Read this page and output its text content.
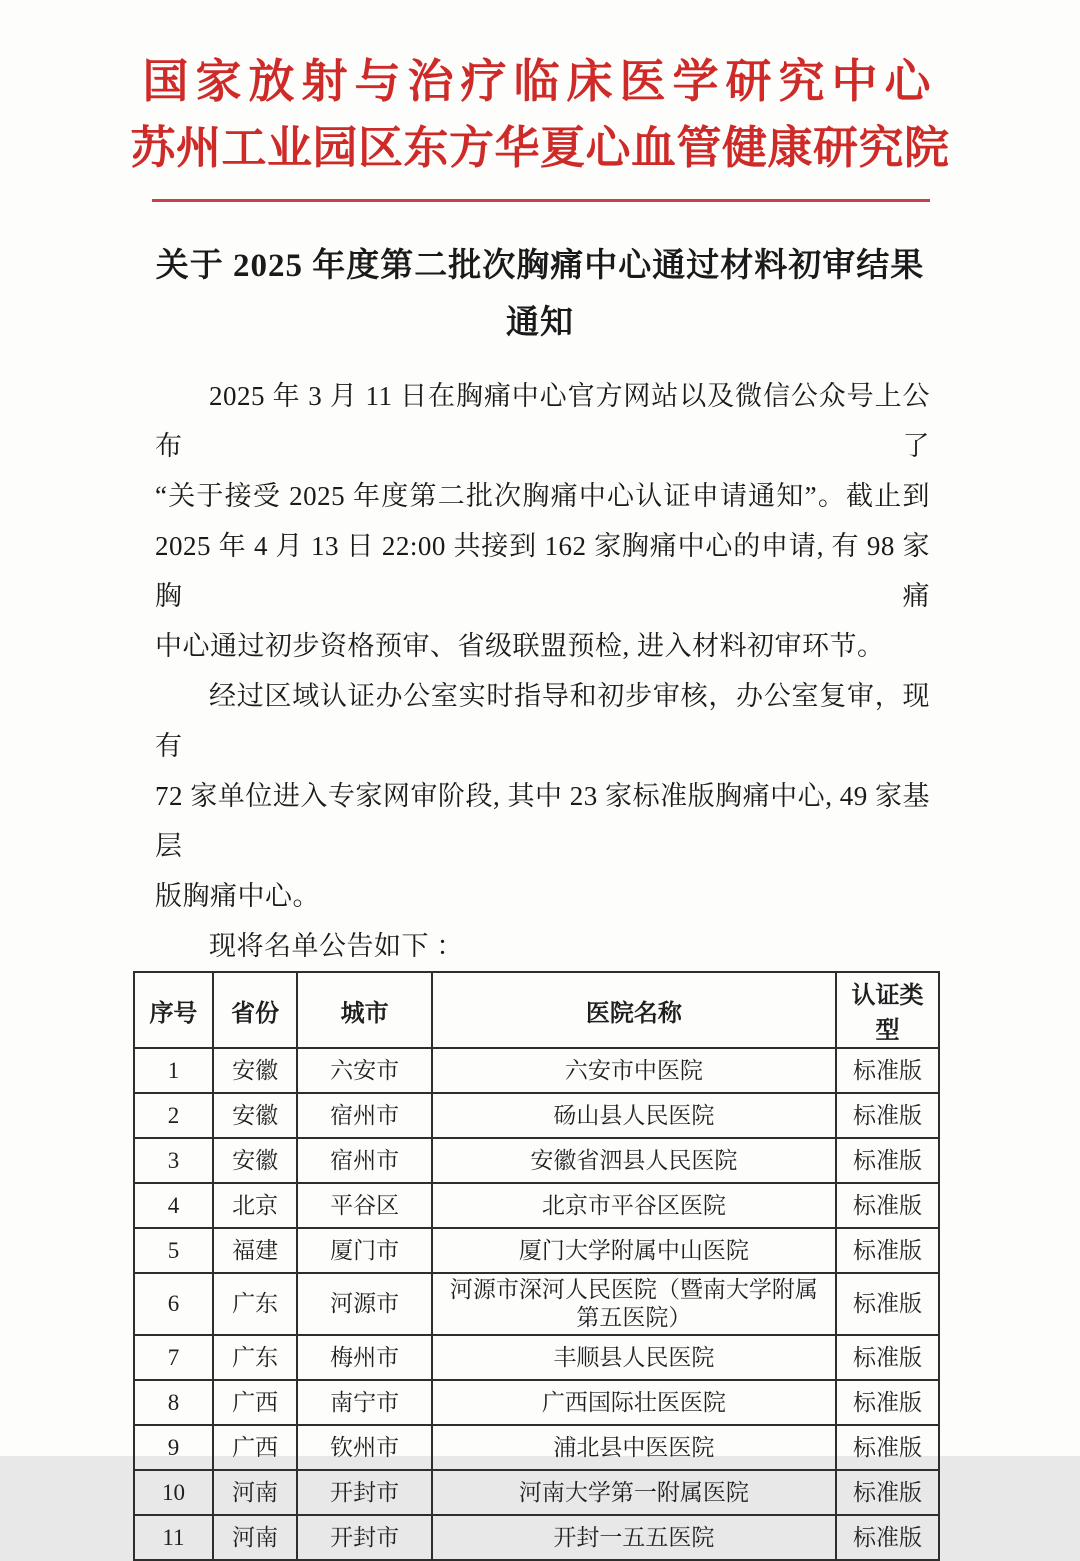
国家放射与治疗临床医学研究中心
苏州工业园区东方华夏心血管健康研究院
关于 2025 年度第二批次胸痛中心通过材料初审结果
通知
2025 年 3 月 11 日在胸痛中心官方网站以及微信公众号上公布了
“关于接受 2025 年度第二批次胸痛中心认证申请通知”。截止到
2025 年 4 月 13 日 22:00 共接到 162 家胸痛中心的申请, 有 98 家胸痛
中心通过初步资格预审、省级联盟预检, 进入材料初审环节。
经过区域认证办公室实时指导和初步审核，办公室复审，现有
72 家单位进入专家网审阶段, 其中 23 家标准版胸痛中心, 49 家基层
版胸痛中心。
现将名单公告如下 ：
序号	省份	城市	医院名称	认证类型
1	安徽	六安市	六安市中医院	标准版
2	安徽	宿州市	砀山县人民医院	标准版
3	安徽	宿州市	安徽省泗县人民医院	标准版
4	北京	平谷区	北京市平谷区医院	标准版
5	福建	厦门市	厦门大学附属中山医院	标准版
6	广东	河源市	河源市深河人民医院（暨南大学附属第五医院）	标准版
7	广东	梅州市	丰顺县人民医院	标准版
8	广西	南宁市	广西国际壮医医院	标准版
9	广西	钦州市	浦北县中医医院	标准版
10	河南	开封市	河南大学第一附属医院	标准版
11	河南	开封市	开封一五五医院	标准版
